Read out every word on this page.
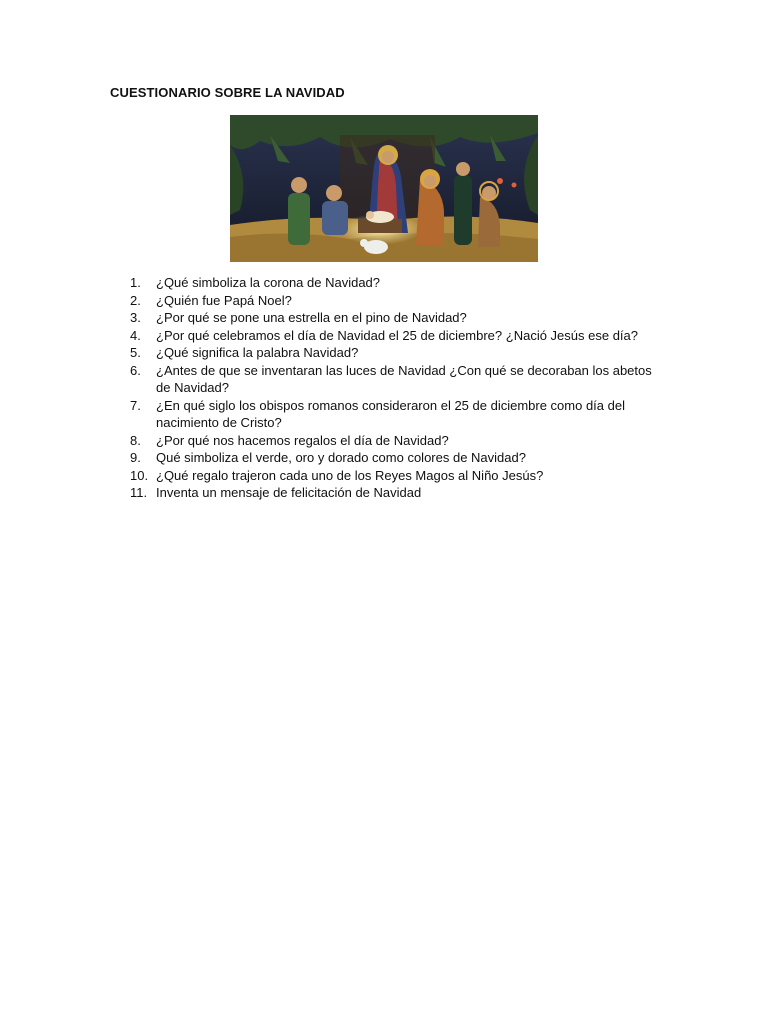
CUESTIONARIO SOBRE LA NAVIDAD
1.	¿Qué simboliza la corona de Navidad?
2.	¿Quién fue Papá Noel?
3.	¿Por qué se pone una estrella en el pino de Navidad?
4.	¿Por qué celebramos el día de Navidad el 25 de diciembre? ¿Nació Jesús ese día?
5.	¿Qué significa la palabra Navidad?
6.	¿Antes de que se inventaran las luces de Navidad ¿Con qué se decoraban los abetos de Navidad?
7.	¿En qué siglo los obispos romanos consideraron el 25 de diciembre como día del nacimiento de Cristo?
8.	¿Por qué nos hacemos regalos el día de Navidad?
9.	Qué simboliza el verde, oro y dorado como colores de Navidad?
10. ¿Qué regalo trajeron cada uno de los Reyes Magos al Niño Jesús?
11. Inventa un mensaje de felicitación de Navidad
